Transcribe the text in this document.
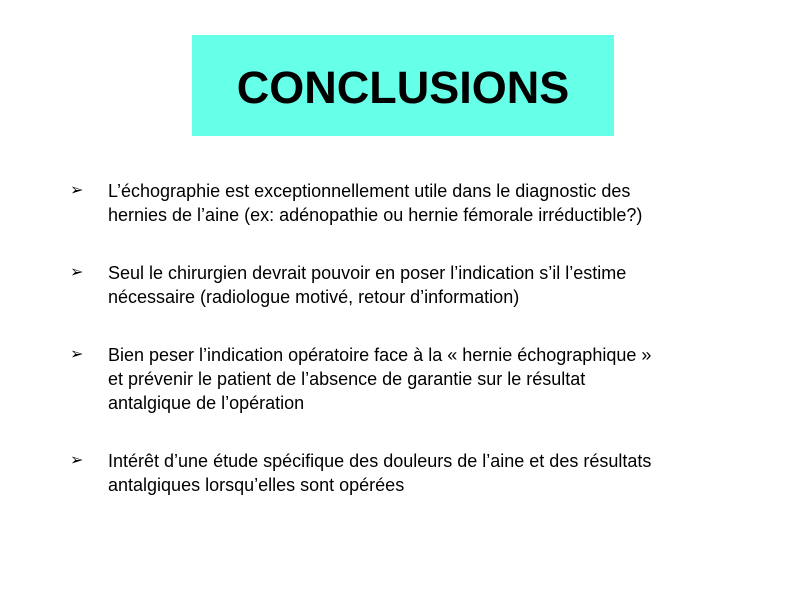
CONCLUSIONS
➢	L’échographie est exceptionnellement utile dans le diagnostic des
hernies de l’aine (ex: adénopathie ou hernie fémorale irréductible?)
➢	Seul le chirurgien devrait pouvoir en poser l’indication s’il l’estime
nécessaire (radiologue motivé, retour d’information)
➢	Bien peser l’indication opératoire face à la « hernie échographique »
et prévenir le patient de l’absence de garantie sur le résultat
antalgique de l’opération
➢	Intérêt d’une étude spécifique des douleurs de l’aine et des résultats
antalgiques lorsqu’elles sont opérées
